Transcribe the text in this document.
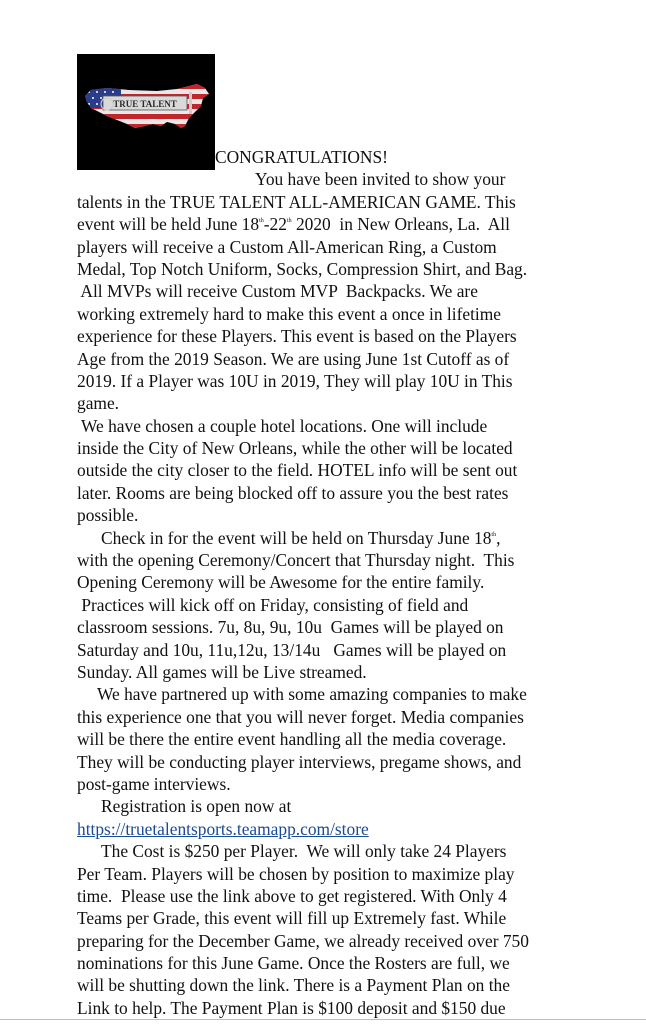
TRUE TALENT
CONGRATULATIONS!
You have been invited to show your
talents in the TRUE TALENT ALL-AMERICAN GAME. This
event will be held June 18th-22th 2020  in New Orleans, La.  All
players will receive a Custom All-American Ring, a Custom
Medal, Top Notch Uniform, Socks, Compression Shirt, and Bag.
All MVPs will receive Custom MVP  Backpacks. We are
working extremely hard to make this event a once in lifetime
experience for these Players. This event is based on the Players
Age from the 2019 Season. We are using June 1st Cutoff as of
2019. If a Player was 10U in 2019, They will play 10U in This
game.
We have chosen a couple hotel locations. One will include
inside the City of New Orleans, while the other will be located
outside the city closer to the field. HOTEL info will be sent out
later. Rooms are being blocked off to assure you the best rates
possible.
Check in for the event will be held on Thursday June 18th,
with the opening Ceremony/Concert that Thursday night.  This
Opening Ceremony will be Awesome for the entire family.
Practices will kick off on Friday, consisting of field and
classroom sessions. 7u, 8u, 9u, 10u  Games will be played on
Saturday and 10u, 11u,12u, 13/14u   Games will be played on
Sunday. All games will be Live streamed.
We have partnered up with some amazing companies to make
this experience one that you will never forget. Media companies
will be there the entire event handling all the media coverage.
They will be conducting player interviews, pregame shows, and
post-game interviews.
Registration is open now at
https://truetalentsports.teamapp.com/store
The Cost is $250 per Player.  We will only take 24 Players
Per Team. Players will be chosen by position to maximize play
time.  Please use the link above to get registered. With Only 4
Teams per Grade, this event will fill up Extremely fast. While
preparing for the December Game, we already received over 750
nominations for this June Game. Once the Rosters are full, we
will be shutting down the link. There is a Payment Plan on the
Link to help. The Payment Plan is $100 deposit and $150 due
